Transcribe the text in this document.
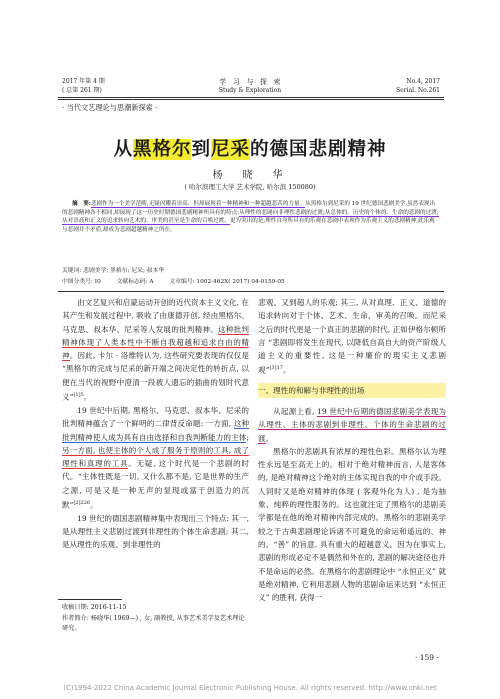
2017 年第 4 期
( 总第 261 期)
学　习　与　探　索
Study & Exploration
No.4, 2017
Serial. No.261
· 当代文艺理论与思潮新探索 ·
从黑格尔到尼采的德国悲剧精神
杨　晓　华
( 哈尔滨理工大学 艺术学院, 哈尔滨 150080)
摘　要:悲剧作为一个美学范畴,无疑闪耀着崇高、但却展现着一种精神和一种超越悲苦的力量。从黑格尔到尼采的 19 世纪德国悲剧美学,虽然表现出的悲剧精神各不相同,却展现了这一历史时期德国悲剧精神所具有的特点:从理性的悲剧向非理性悲剧的过渡;从总体的、历史的个体的、生命的悲剧的过渡;从对崇高和正义的追求转向艺术的、审美的甚至是生命的召唤过渡。更为突出的是,理性自身所具有的乐观在悲剧中表现作为乐观主义的悲剧精神,此乐观与悲剧并不矛盾,却成为悲剧超越精神之所在。
关键词: 悲剧美学; 黑格尔; 尼采; 叔本华
中图分类号: I0	文献标志码: A	文章编号: 1002-462X( 2017) 04-0159-05

由文艺复兴和启蒙运动开创的近代资本主义文化, 在其产生和发展过程中, 吸收了由康德开创, 经由黑格尔、马克思、叔本华、尼采等人发展的批判精神。这种批判精神体现了人类本性中不断自我超越和追求自由的精神。因此, 卡尔 · 洛维特认为, 这些研究要表现的仅仅是 “黑格尔的完成与尼采的新开端之间决定性的转折点, 以便在当代的视野中澄清一段被人遗忘的插曲的划时代意义”$^{[1]5}$。

19 世纪中后期, 黑格尔、马克思、叔本华、尼采的批判精神蕴含了一个鲜明的二律背反命题: 一方面, 这种批判精神使人成为具有自由选择和自我判断能力的主体; 另一方面, 也使主体的个人成了服务于原则的工具, 成了理性和真理的工具。无疑, 这个时代是一个悲剧的时代。“主体性既是一切, 又什么都不是, 它是世界的生产之源, 可是又是一种无声的显现或富于创造力的沉默”$^{[2]226}$。

19 世纪的德国悲剧精神集中表现出三个特点: 其一, 是从理性主义悲剧过渡到非理性的个体生命悲剧; 其二, 是从理性的乐观、到非理性的

悲观、又到超人的乐观; 其三, 从对真理、正义、道德的追求转向对于个体、艺术、生命、审美的召唤。而尼采之后的时代更是一个真正的悲剧的时代, 正如伊格尔顿所言 “悲剧即将发生在现代, 以降低自高自大的资产阶级人道主义的重要性, 这是一种廉价的現实主义悲剧观”$^{[3]17}$。

一、理性的和解与非理性的出场

从起源上看, 19 世纪中后期的德国悲剧美学表现为从理性、主体的悲剧到非理性、个体的生命悲剧的过渡。

黑格尔的悲剧具有浓厚的理性色彩。黑格尔认为理性永远是至高无上的。相对于绝对精神而言, 人是客体的, 是绝对精神这个绝对的主体实现自我的中介或手段。人同时又是绝对精神的体现 ( 客观外化为人) , 是为抽象、纯粹的理性服务的。这也就注定了黑格尔的悲剧美学都是在他的绝对精神内部完成的。黑格尔的悲剧美学较之于古典悲剧理论诉诸不可避免的命运和遥远的、神的、“善” 的旨意, 具有重大的超越意义。因为在事实上, 悲剧的形成必定不是偶然和外在的, 悲剧的解决途径也并不是命运的必然。在黑格尔的悲剧理论中 “永恒正义” 就是绝对精神, 它利用悲剧人物的悲剧命运来达到 “永恒正义” 的胜利, 获得一

收稿日期: 2016-11-15
作者简介: 杨晓华( 1969—) , 女, 副教授, 从事艺术美学及艺术理论研究。
· 159 ·
(C)1994-2022 China Academic Journal Electronic Publishing House. All rights reserved. http://www.cnki.net
